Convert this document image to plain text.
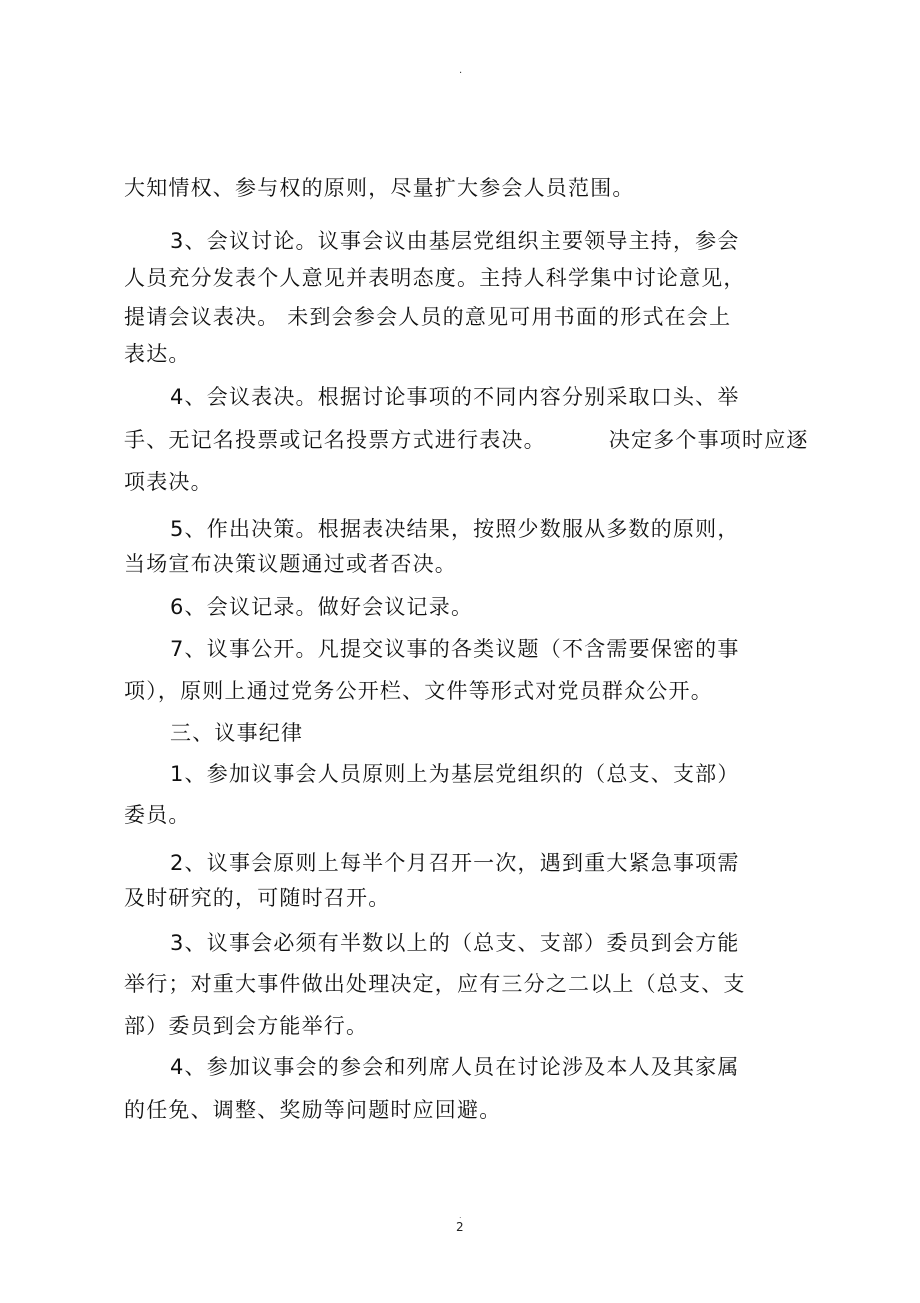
.
大知情权、参与权的原则，尽量扩大参会人员范围。
3、会议讨论。议事会议由基层党组织主要领导主持，参会
人员充分发表个人意见并表明态度。主持人科学集中讨论意见，
提请会议表决。 未到会参会人员的意见可用书面的形式在会上
表达。
4、会议表决。根据讨论事项的不同内容分别采取口头、举
手、无记名投票或记名投票方式进行表决。        决定多个事项时应逐
项表决。
5、作出决策。根据表决结果，按照少数服从多数的原则，
当场宣布决策议题通过或者否决。
6、会议记录。做好会议记录。
7、议事公开。凡提交议事的各类议题（不含需要保密的事
项），原则上通过党务公开栏、文件等形式对党员群众公开。
三、议事纪律
1、参加议事会人员原则上为基层党组织的（总支、支部）
委员。
2、议事会原则上每半个月召开一次，遇到重大紧急事项需
及时研究的，可随时召开。
3、议事会必须有半数以上的（总支、支部）委员到会方能
举行；对重大事件做出处理决定，应有三分之二以上（总支、支
部）委员到会方能举行。
4、参加议事会的参会和列席人员在讨论涉及本人及其家属
的任免、调整、奖励等问题时应回避。
.
2
